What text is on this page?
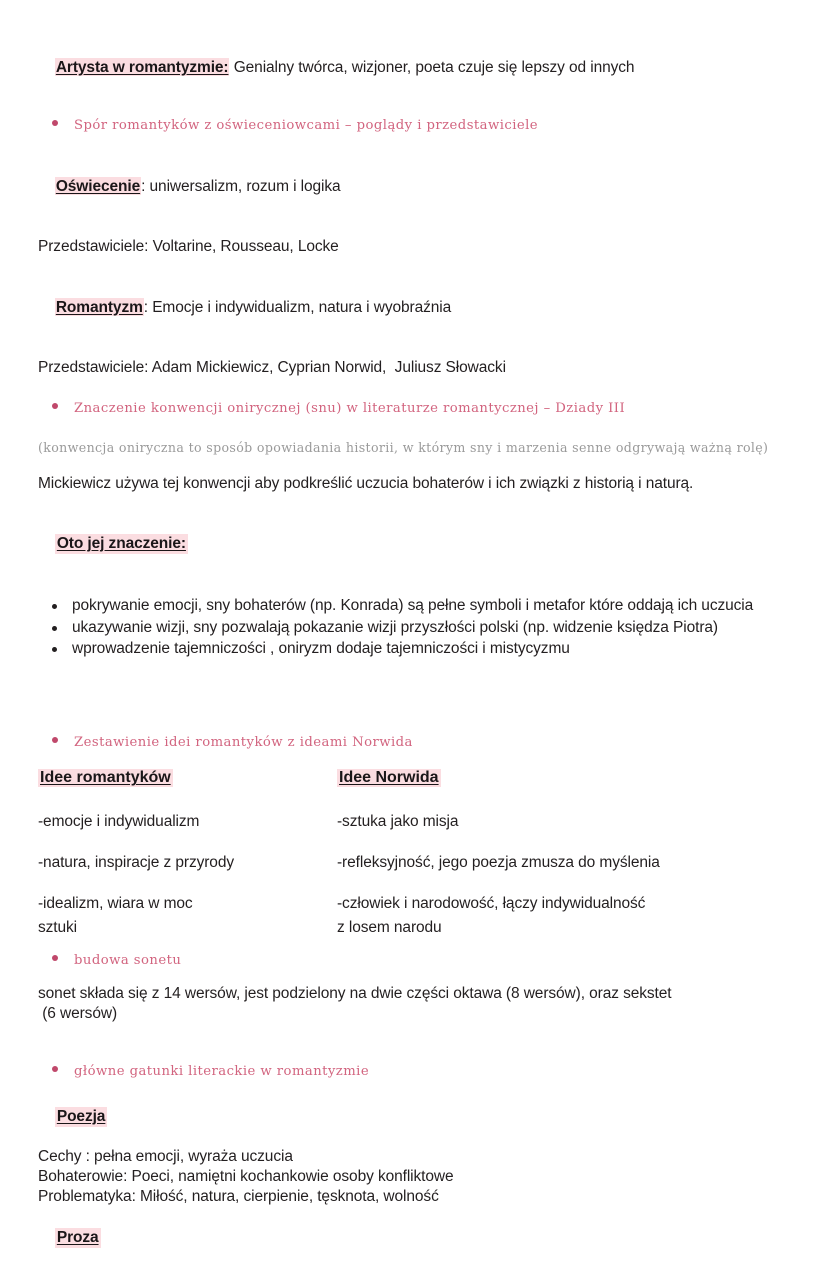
Artysta w romantyzmie: Genialny twórca, wizjoner, poeta czuje się lepszy od innych

Spór romantyków z oświeceniowcami – poglądy i przedstawiciele

Oświecenie: uniwersalizm, rozum i logika

Przedstawiciele: Voltarine, Rousseau, Locke

Romantyzm: Emocje i indywidualizm, natura i wyobraźnia

Przedstawiciele: Adam Mickiewicz, Cyprian Norwid,  Juliusz Słowacki
Znaczenie konwencji onirycznej (snu) w literaturze romantycznej – Dziady III
(konwencja oniryczna to sposób opowiadania historii, w którym sny i marzenia senne odgrywają ważną rolę)
Mickiewicz używa tej konwencji aby podkreślić uczucia bohaterów i ich związki z historią i naturą.

Oto jej znaczenie:

pokrywanie emocji, sny bohaterów (np. Konrada) są pełne symboli i metafor które oddają ich uczucia
ukazywanie wizji, sny pozwalają pokazanie wizji przyszłości polski (np. widzenie księdza Piotra)
wprowadzenie tajemniczości , oniryzm dodaje tajemniczości i mistycyzmu
Zestawienie idei romantyków z ideami Norwida
Idee romantyków	Idee Norwida
-emocje i indywidualizm	-sztuka jako misja
-natura, inspiracje z przyrody	-refleksyjność, jego poezja zmusza do myślenia
-idealizm, wiara w moc	-człowiek i narodowość, łączy indywidualność
sztuki	z losem narodu
budowa sonetu
sonet składa się z 14 wersów, jest podzielony na dwie części oktawa (8 wersów), oraz sekstet
(6 wersów)
główne gatunki literackie w romantyzmie

Poezja

Cechy : pełna emocji, wyraża uczucia
Bohaterowie: Poeci, namiętni kochankowie osoby konfliktowe
Problematyka: Miłość, natura, cierpienie, tęsknota, wolność

Proza
